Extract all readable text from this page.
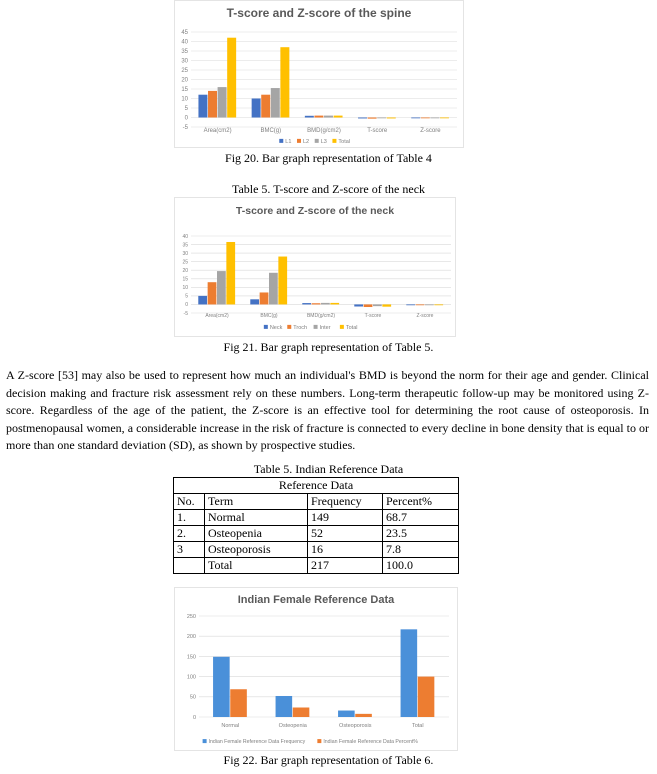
T-score and Z-score of the spine
45
40
35
30
25
20
15
10
5
0
-5	Area(cm2)	BMC(g)	BMD(g/cm2)	T-score	Z-score
L1 L2 L3 Total
Fig 20. Bar graph representation of Table 4
Table 5. T-score and Z-score of the neck
T-score and Z-score of the neck
40
35
30
25
20
15
10
5
0
-5	Area(cm2)	BMC(g)	BMD(g/cm2)	T-score	Z-score
Neck Troch Inter	Total
Fig 21. Bar graph representation of Table 5.
A Z-score [53] may also be used to represent how much an individual's BMD is beyond the norm for their age and gender. Clinical decision making and fracture risk assessment rely on these numbers. Long-term therapeutic follow-up may be monitored using Z-score. Regardless of the age of the patient, the Z-score is an effective tool for determining the root cause of osteoporosis. In postmenopausal women, a considerable increase in the risk of fracture is connected to every decline in bone density that is equal to or more than one standard deviation (SD), as shown by prospective studies.
Table 5. Indian Reference Data
Reference Data			
No.	Term	Frequency	Percent%
1.	Normal	149	68.7
2.	Osteopenia	52	23.5
3	Osteoporosis	16	7.8
	Total	217	100.0
Indian Female Reference Data
250
200
150
100
50
0
Normal	Osteopenia	Osteoporosis	Total
Indian Female Reference Data Frequency	Indian Female Reference Data Percent%
Fig 22. Bar graph representation of Table 6.
